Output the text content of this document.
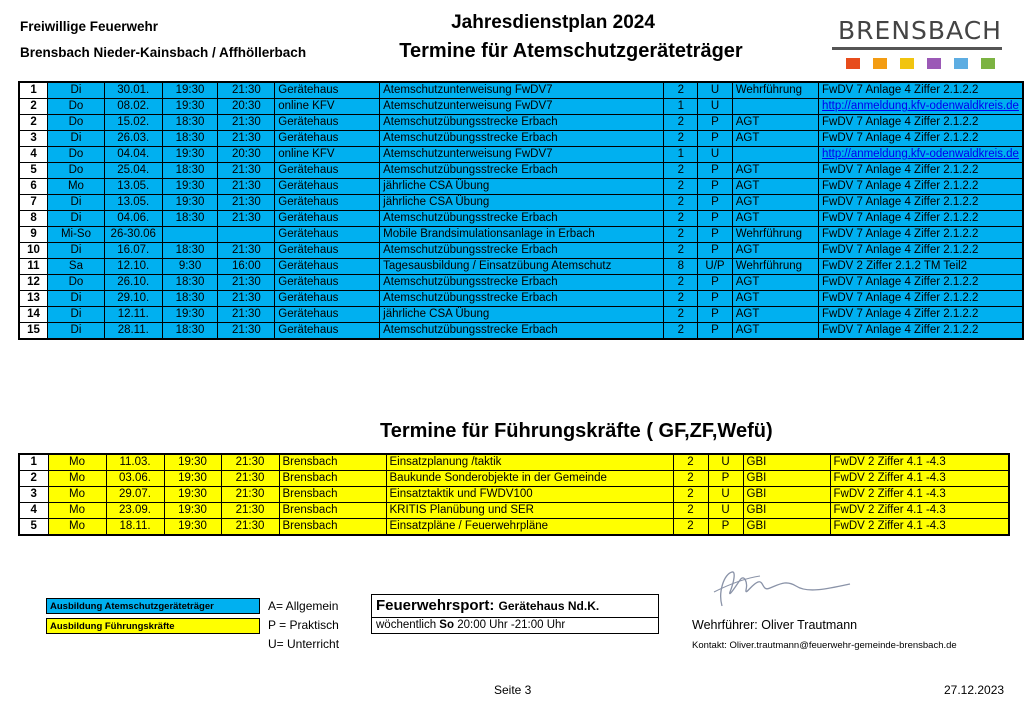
Freiwillige Feuerwehr
Brensbach Nieder-Kainsbach / Affhöllerbach
Jahresdienstplan 2024
Termine für Atemschutzgeräteträger
BRENSBACH
1	Di	30.01.	19:30	21:30	Gerätehaus	Atemschutzunterweisung FwDV7	2	U	Wehrführung	FwDV 7 Anlage 4 Ziffer 2.1.2.2
2	Do	08.02.	19:30	20:30	online KFV	Atemschutzunterweisung FwDV7	1	U		http://anmeldung.kfv-odenwaldkreis.de
2	Do	15.02.	18:30	21:30	Gerätehaus	Atemschutzübungsstrecke Erbach	2	P	AGT	FwDV 7 Anlage 4 Ziffer 2.1.2.2
3	Di	26.03.	18:30	21:30	Gerätehaus	Atemschutzübungsstrecke Erbach	2	P	AGT	FwDV 7 Anlage 4 Ziffer 2.1.2.2
4	Do	04.04.	19:30	20:30	online KFV	Atemschutzunterweisung FwDV7	1	U		http://anmeldung.kfv-odenwaldkreis.de
5	Do	25.04.	18:30	21:30	Gerätehaus	Atemschutzübungsstrecke Erbach	2	P	AGT	FwDV 7 Anlage 4 Ziffer 2.1.2.2
6	Mo	13.05.	19:30	21:30	Gerätehaus	jährliche CSA Übung	2	P	AGT	FwDV 7 Anlage 4 Ziffer 2.1.2.2
7	Di	13.05.	19:30	21:30	Gerätehaus	jährliche CSA Übung	2	P	AGT	FwDV 7 Anlage 4 Ziffer 2.1.2.2
8	Di	04.06.	18:30	21:30	Gerätehaus	Atemschutzübungsstrecke Erbach	2	P	AGT	FwDV 7 Anlage 4 Ziffer 2.1.2.2
9	Mi-So	26-30.06			Gerätehaus	Mobile Brandsimulationsanlage in Erbach	2	P	Wehrführung	FwDV 7 Anlage 4 Ziffer 2.1.2.2
10	Di	16.07.	18:30	21:30	Gerätehaus	Atemschutzübungsstrecke Erbach	2	P	AGT	FwDV 7 Anlage 4 Ziffer 2.1.2.2
11	Sa	12.10.	9:30	16:00	Gerätehaus	Tagesausbildung / Einsatzübung Atemschutz	8	U/P	Wehrführung	FwDV 2 Ziffer 2.1.2 TM Teil2
12	Do	26.10.	18:30	21:30	Gerätehaus	Atemschutzübungsstrecke Erbach	2	P	AGT	FwDV 7 Anlage 4 Ziffer 2.1.2.2
13	Di	29.10.	18:30	21:30	Gerätehaus	Atemschutzübungsstrecke Erbach	2	P	AGT	FwDV 7 Anlage 4 Ziffer 2.1.2.2
14	Di	12.11.	19:30	21:30	Gerätehaus	jährliche CSA Übung	2	P	AGT	FwDV 7 Anlage 4 Ziffer 2.1.2.2
15	Di	28.11.	18:30	21:30	Gerätehaus	Atemschutzübungsstrecke Erbach	2	P	AGT	FwDV 7 Anlage 4 Ziffer 2.1.2.2
Termine für Führungskräfte ( GF,ZF,Wefü)
1	Mo	11.03.	19:30	21:30	Brensbach	Einsatzplanung /taktik	2	U	GBI	FwDV 2 Ziffer 4.1 -4.3
2	Mo	03.06.	19:30	21:30	Brensbach	Baukunde Sonderobjekte in der Gemeinde	2	P	GBI	FwDV 2 Ziffer 4.1 -4.3
3	Mo	29.07.	19:30	21:30	Brensbach	Einsatztaktik und FWDV100	2	U	GBI	FwDV 2 Ziffer 4.1 -4.3
4	Mo	23.09.	19:30	21:30	Brensbach	KRITIS Planübung und SER	2	U	GBI	FwDV 2 Ziffer 4.1 -4.3
5	Mo	18.11.	19:30	21:30	Brensbach	Einsatzpläne / Feuerwehrpläne	2	P	GBI	FwDV 2 Ziffer 4.1 -4.3
Ausbildung Atemschutzgeräteträger
Ausbildung Führungskräfte
A= Allgemein
P = Praktisch
U= Unterricht
Feuerwehrsport: Gerätehaus Nd.K.
wöchentlich So 20:00 Uhr -21:00 Uhr	Wehrführer: Oliver Trautmann
Kontakt: Oliver.trautmann@feuerwehr-gemeinde-brensbach.de
Seite 3	27.12.2023
